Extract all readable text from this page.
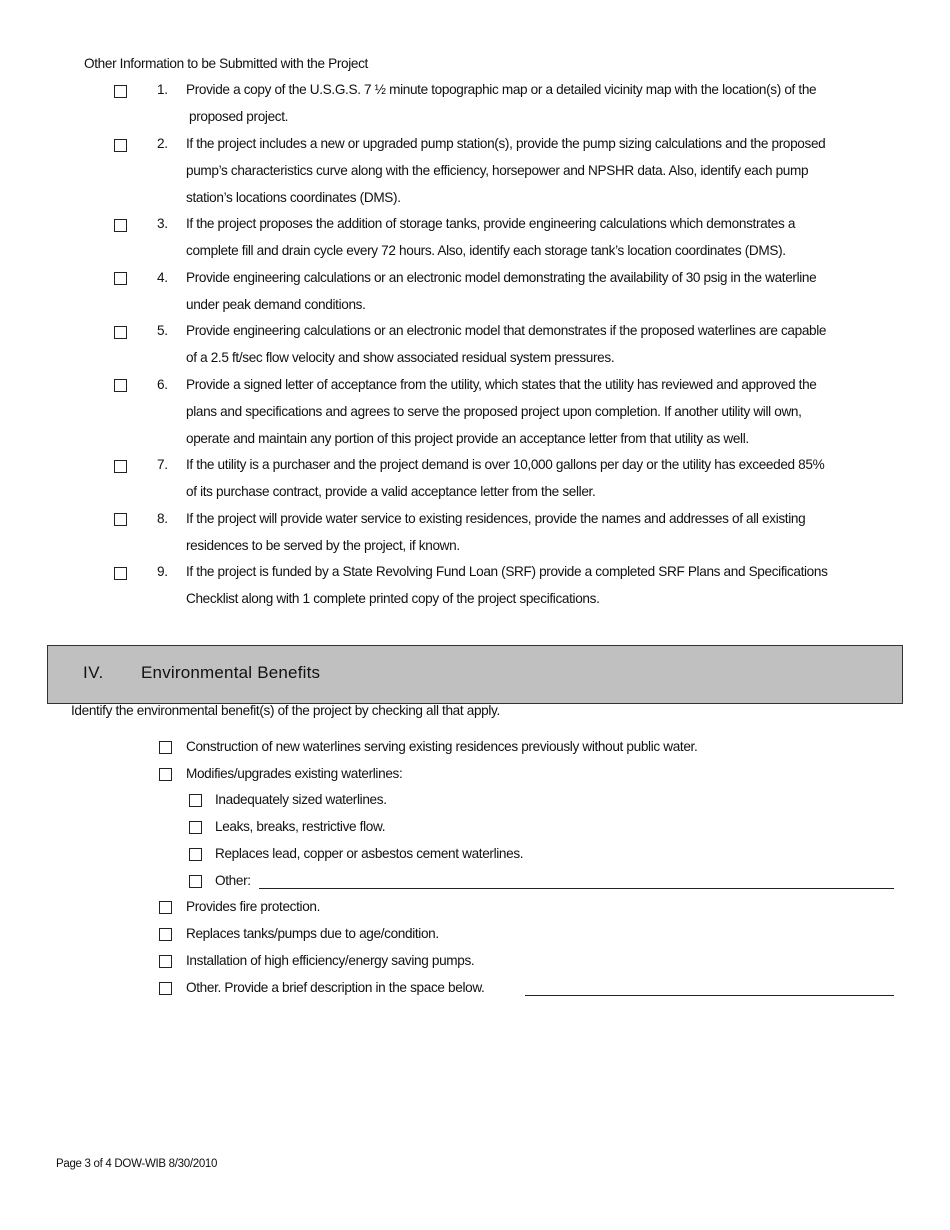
Other Information to be Submitted with the Project
1.	Provide a copy of the U.S.G.S. 7 ½ minute topographic map or a detailed vicinity map with the location(s) of the
proposed project.
2.	If the project includes a new or upgraded pump station(s), provide the pump sizing calculations and the proposed
pump’s characteristics curve along with the efficiency, horsepower and NPSHR data. Also, identify each pump
station’s locations coordinates (DMS).
3.	If the project proposes the addition of storage tanks, provide engineering calculations which demonstrates a
complete fill and drain cycle every 72 hours. Also, identify each storage tank’s location coordinates (DMS).
4.	Provide engineering calculations or an electronic model demonstrating the availability of 30 psig in the waterline
under peak demand conditions.
5.	Provide engineering calculations or an electronic model that demonstrates if the proposed waterlines are capable
of a 2.5 ft/sec flow velocity and show associated residual system pressures.
6.	Provide a signed letter of acceptance from the utility, which states that the utility has reviewed and approved the
plans and specifications and agrees to serve the proposed project upon completion. If another utility will own,
operate and maintain any portion of this project provide an acceptance letter from that utility as well.
7.	If the utility is a purchaser and the project demand is over 10,000 gallons per day or the utility has exceeded 85%
of its purchase contract, provide a valid acceptance letter from the seller.
8.	If the project will provide water service to existing residences, provide the names and addresses of all existing
residences to be served by the project, if known.
9.	If the project is funded by a State Revolving Fund Loan (SRF) provide a completed SRF Plans and Specifications
Checklist along with 1 complete printed copy of the project specifications.
IV. Environmental Benefits
Identify the environmental benefit(s) of the project by checking all that apply.
Construction of new waterlines serving existing residences previously without public water.
Modifies/upgrades existing waterlines:
Inadequately sized waterlines.
Leaks, breaks, restrictive flow.
Replaces lead, copper or asbestos cement waterlines.
Other:
Provides fire protection.
Replaces tanks/pumps due to age/condition.
Installation of high efficiency/energy saving pumps.
Other. Provide a brief description in the space below.
Page 3 of 4 DOW-WIB 8/30/2010
